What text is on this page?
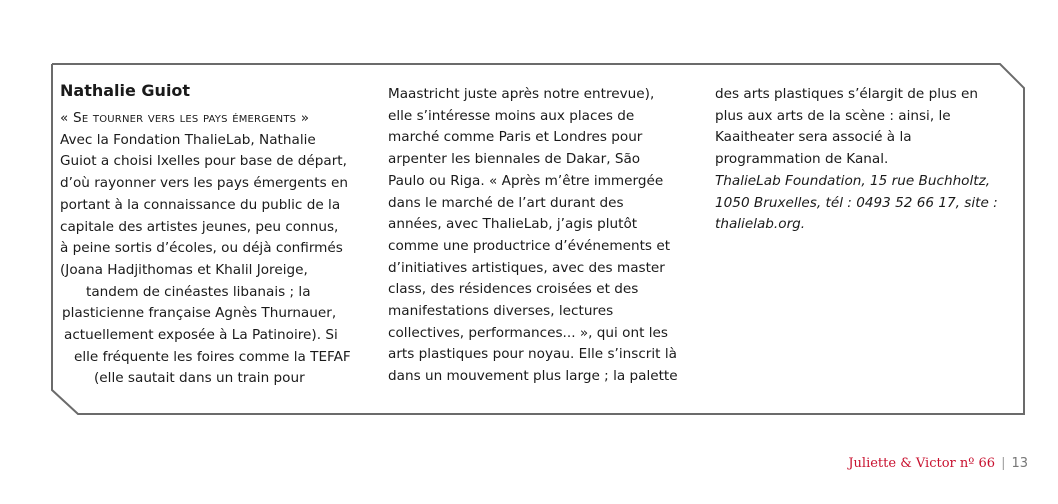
Nathalie Guiot

« Se tourner vers les pays émergents »

Avec la Fondation ThalieLab, Nathalie

Guiot a choisi Ixelles pour base de départ,

d’où rayonner vers les pays émergents en

portant à la connaissance du public de la

capitale des artistes jeunes, peu connus,

à peine sortis d’écoles, ou déjà confirmés

(Joana Hadjithomas et Khalil Joreige,

tandem de cinéastes libanais ; la

plasticienne française Agnès Thurnauer,

actuellement exposée à La Patinoire). Si

elle fréquente les foires comme la TEFAF

(elle sautait dans un train pour

Maastricht juste après notre entrevue),

elle s’intéresse moins aux places de

marché comme Paris et Londres pour

arpenter les biennales de Dakar, São

Paulo ou Riga. « Après m’être immergée

dans le marché de l’art durant des

années, avec ThalieLab, j’agis plutôt

comme une productrice d’événements et

d’initiatives artistiques, avec des master

class, des résidences croisées et des

manifestations diverses, lectures

collectives, performances... », qui ont les

arts plastiques pour noyau. Elle s’inscrit là

dans un mouvement plus large ; la palette

des arts plastiques s’élargit de plus en

plus aux arts de la scène : ainsi, le

Kaaitheater sera associé à la

programmation de Kanal.

ThalieLab Foundation, 15 rue Buchholtz,

1050 Bruxelles, tél : 0493 52 66 17, site :

thalielab.org.

Juliette & Victor nº 66 | 13
